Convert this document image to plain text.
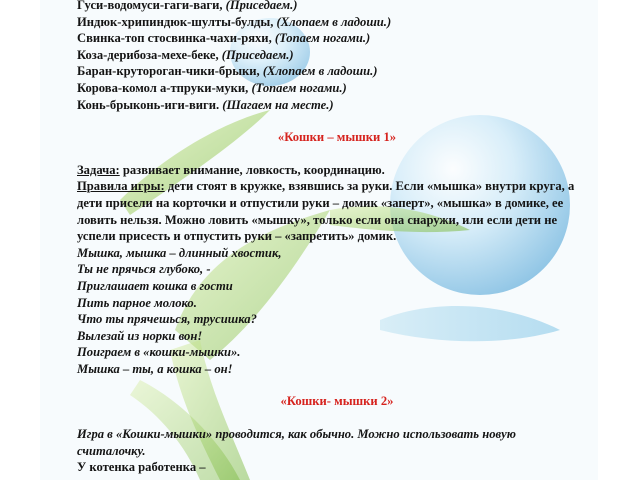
Гуси-водомуси-гаги-ваги, (Приседаем.)
Индюк-хрипиндюк-шулты-булды, (Хлопаем в ладоши.)
Свинка-топ стосвинка-чахи-ряхи, (Топаем ногами.)
Коза-дерибоза-мехе-беке, (Приседаем.)
Баран-крутороган-чики-брыки, (Хлопаем в ладоши.)
Корова-комол а-тпруки-муки, (Топаем ногами.)
Конь-брыконь-иги-виги. (Шагаем на месте.)
«Кошки – мышки 1»
Задача: развивает внимание, ловкость, координацию.
Правила игры: дети стоят в кружке, взявшись за руки. Если «мышка» внутри круга, а дети присели на корточки и отпустили руки – домик «заперт», «мышка» в домике, ее ловить нельзя. Можно ловить «мышку», только если она снаружи, или если дети не успели присесть и отпустить руки – «запретить» домик.
Мышка, мышка – длинный хвостик,
Ты не прячься глубоко, -
Приглашает кошка в гости
Пить парное молоко.
Что ты прячешься, трусишка?
Вылезай из норки вон!
Поиграем в «кошки-мышки».
Мышка – ты, а кошка – он!
«Кошки- мышки 2»
Игра в «Кошки-мышки» проводится, как обычно. Можно использовать новую считалочку.
У котенка работенка –
